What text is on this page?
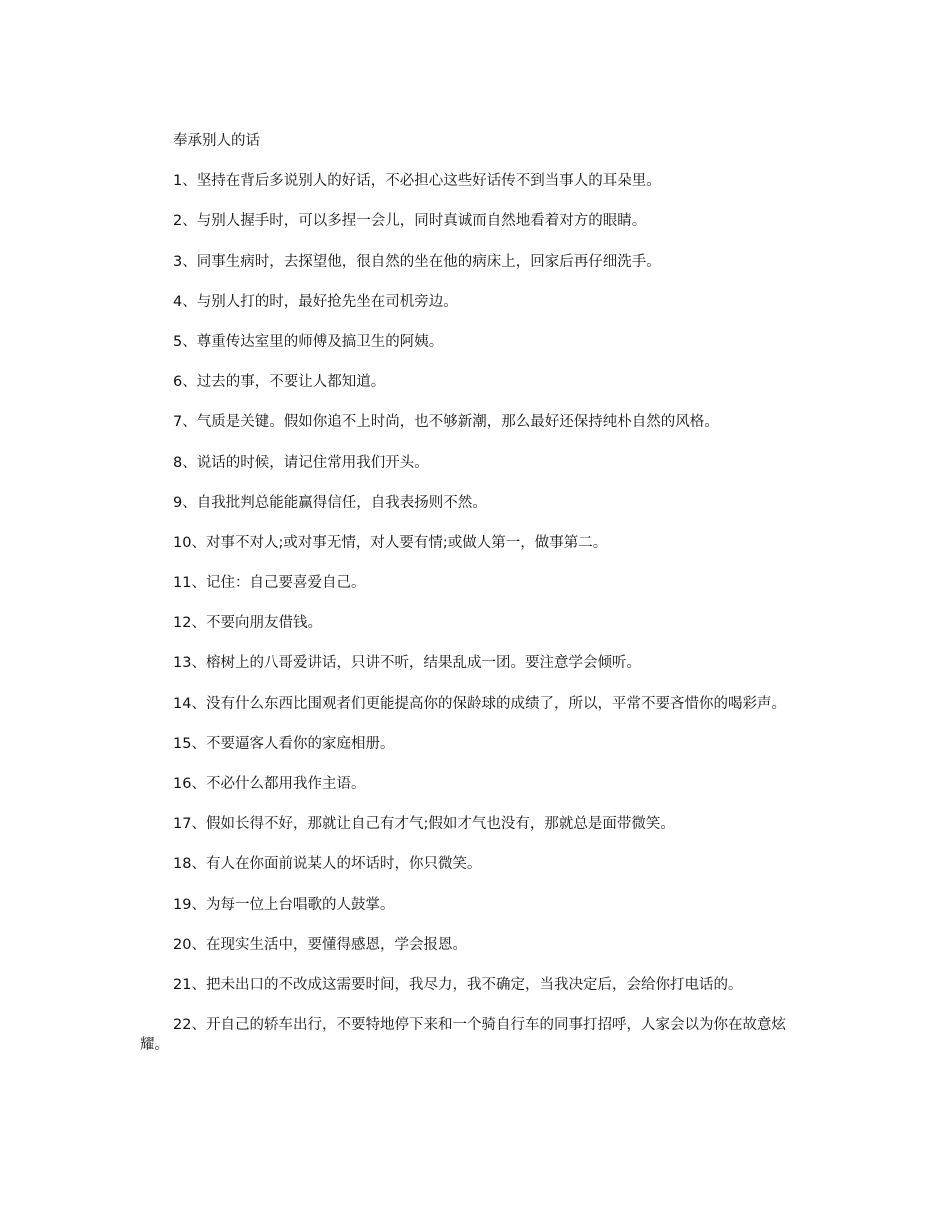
奉承别人的话

1、坚持在背后多说别人的好话，不必担心这些好话传不到当事人的耳朵里。

2、与别人握手时，可以多捏一会儿，同时真诚而自然地看着对方的眼睛。

3、同事生病时，去探望他，很自然的坐在他的病床上，回家后再仔细洗手。

4、与别人打的时，最好抢先坐在司机旁边。

5、尊重传达室里的师傅及搞卫生的阿姨。

6、过去的事，不要让人都知道。

7、气质是关键。假如你追不上时尚，也不够新潮，那么最好还保持纯朴自然的风格。

8、说话的时候，请记住常用我们开头。

9、自我批判总能能赢得信任，自我表扬则不然。

10、对事不对人;或对事无情，对人要有情;或做人第一，做事第二。

11、记住：自己要喜爱自己。

12、不要向朋友借钱。

13、榕树上的八哥爱讲话，只讲不听，结果乱成一团。要注意学会倾听。

14、没有什么东西比围观者们更能提高你的保龄球的成绩了，所以，平常不要吝惜你的喝彩声。

15、不要逼客人看你的家庭相册。

16、不必什么都用我作主语。

17、假如长得不好，那就让自己有才气;假如才气也没有，那就总是面带微笑。

18、有人在你面前说某人的坏话时，你只微笑。

19、为每一位上台唱歌的人鼓掌。

20、在现实生活中，要懂得感恩，学会报恩。

21、把未出口的不改成这需要时间，我尽力，我不确定，当我决定后，会给你打电话的。

22、开自己的轿车出行，不要特地停下来和一个骑自行车的同事打招呼，人家会以为你在故意炫耀。
